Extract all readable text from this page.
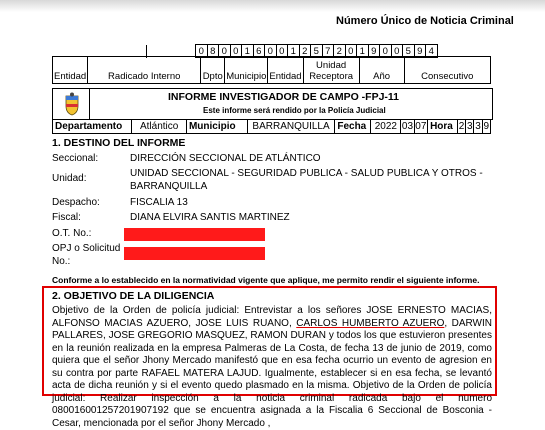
Número Único de Noticia Criminal
		0	8	0	0	1	6	0	0	1	2	5	7	2	0	1	9	0	0	5	9	4
Entidad	Radicado Interno	Dpto	Municipio	Entidad	Unidad Receptora	Año	Consecutivo
INFORME INVESTIGADOR DE CAMPO -FPJ-11
Este informe será rendido por la Policía Judicial
Departamento	Atlántico	Municipio	BARRANQUILLA	Fecha	2022	03	07	Hora	2	3	3	9
1. DESTINO DEL INFORME
Seccional:	DIRECCIÓN SECCIONAL DE ATLÁNTICO
Unidad:	UNIDAD SECCIONAL - SEGURIDAD PUBLICA - SALUD PUBLICA Y OTROS - BARRANQUILLA
Despacho:	FISCALIA 13
Fiscal:	DIANA ELVIRA SANTIS MARTINEZ
O.T. No.:
OPJ o Solicitud No.:
Conforme a lo establecido en la normatividad vigente que aplique, me permito rendir el siguiente informe.
2. OBJETIVO DE LA DILIGENCIA
Objetivo de la Orden de policía judicial: Entrevistar a los señores JOSE ERNESTO MACIAS, ALFONSO MACIAS AZUERO, JOSE LUIS RUANO, CARLOS HUMBERTO AZUERO, DARWIN PALLARES, JOSE GREGORIO MASQUEZ, RAMON DURAN y todos los que estuvieron presentes en la reunión realizada en la empresa Palmeras de La Costa, de fecha 13 de junio de 2019, como quiera que el señor Jhony Mercado manifestó que en esa fecha ocurrio un evento de agresion en su contra por parte RAFAEL MATERA LAJUD. Igualmente, establecer si en esa fecha, se levantó acta de dicha reunión y si el evento quedo plasmado en la misma. Objetivo de la Orden de policía judicial: Realizar inspección a la noticia criminal radicada bajo el numero 080016001257201907192 que se encuentra asignada a la Fiscalia 6 Seccional de Bosconia - Cesar, mencionada por el señor Jhony Mercado ,
